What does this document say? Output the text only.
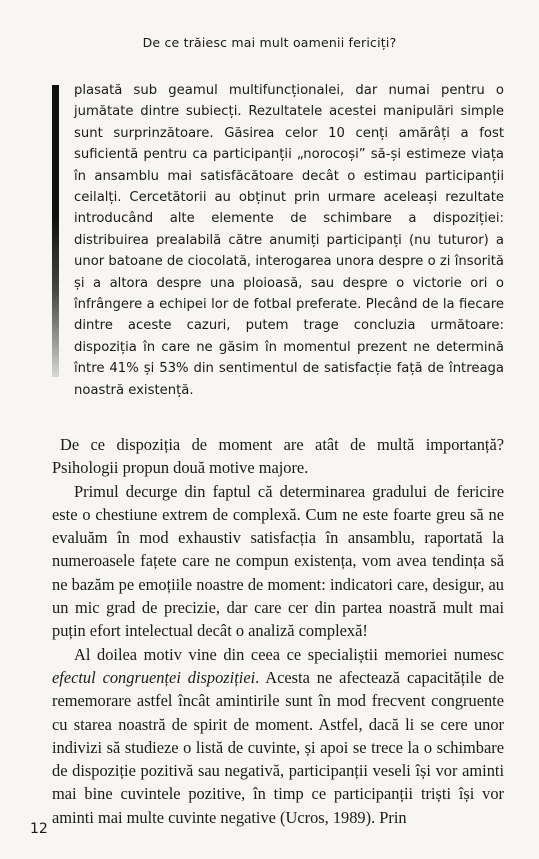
De ce trăiesc mai mult oamenii fericiți?

plasată sub geamul multifuncționalei, dar numai pentru o jumătate dintre subiecți. Rezultatele acestei manipulări simple sunt surprinzătoare. Găsirea celor 10 cenți amărâți a fost suficientă pentru ca participanții „norocoși” să-și estimeze viața în ansamblu mai satisfăcătoare decât o estimau participanții ceilalți. Cercetătorii au obținut prin urmare aceleași rezultate introducând alte elemente de schimbare a dispoziției: distribuirea prealabilă către anumiți participanți (nu tuturor) a unor batoane de ciocolată, interogarea unora despre o zi însorită și a altora despre una ploioasă, sau despre o victorie ori o înfrângere a echipei lor de fotbal preferate. Plecând de la fiecare dintre aceste cazuri, putem trage concluzia următoare: dispoziția în care ne găsim în momentul prezent ne determină între 41% și 53% din sentimentul de satisfacție față de întreaga noastră existență.

De ce dispoziția de moment are atât de multă importanță? Psihologii propun două motive majore.

Primul decurge din faptul că determinarea gradului de fericire este o chestiune extrem de complexă. Cum ne este foarte greu să ne evaluăm în mod exhaustiv satisfacția în ansamblu, raportată la numeroasele fațete care ne compun existența, vom avea tendința să ne bazăm pe emoțiile noastre de moment: indicatori care, desigur, au un mic grad de precizie, dar care cer din partea noastră mult mai puțin efort intelectual decât o analiză complexă!

Al doilea motiv vine din ceea ce specialiștii memoriei numesc efectul congruenței dispoziției. Acesta ne afectează capacitățile de rememorare astfel încât amintirile sunt în mod frecvent congruente cu starea noastră de spirit de moment. Astfel, dacă li se cere unor indivizi să studieze o listă de cuvinte, și apoi se trece la o schimbare de dispoziție pozitivă sau negativă, participanții veseli își vor aminti mai bine cuvintele pozitive, în timp ce participanții triști își vor aminti mai multe cuvinte negative (Ucros, 1989). Prin

12
